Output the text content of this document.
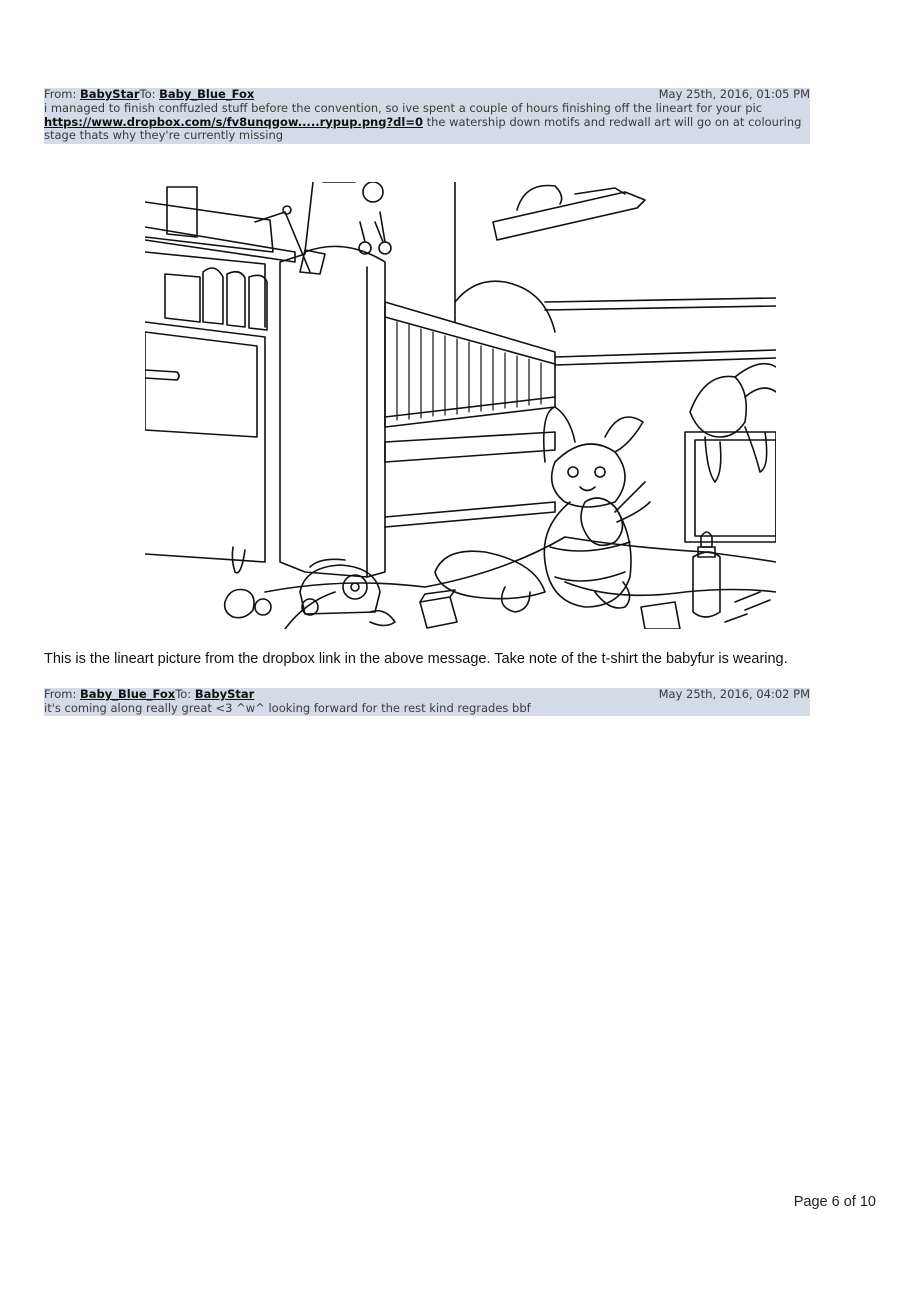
From: BabyStarTo: Baby_Blue_Fox	May 25th, 2016, 01:05 PM
i managed to finish conffuzled stuff before the convention, so ive spent a couple of hours finishing off the lineart for your pic
https://www.dropbox.com/s/fv8unqgow.....rypup.png?dl=0 the watership down motifs and redwall art will go on at colouring stage thats why they're currently missing
This is the lineart picture from the dropbox link in the above message. Take note of the t-shirt the babyfur is wearing.
From: Baby_Blue_FoxTo: BabyStar	May 25th, 2016, 04:02 PM
it's coming along really great <3 ^w^ looking forward for the rest kind regrades bbf
Page 6 of 10
